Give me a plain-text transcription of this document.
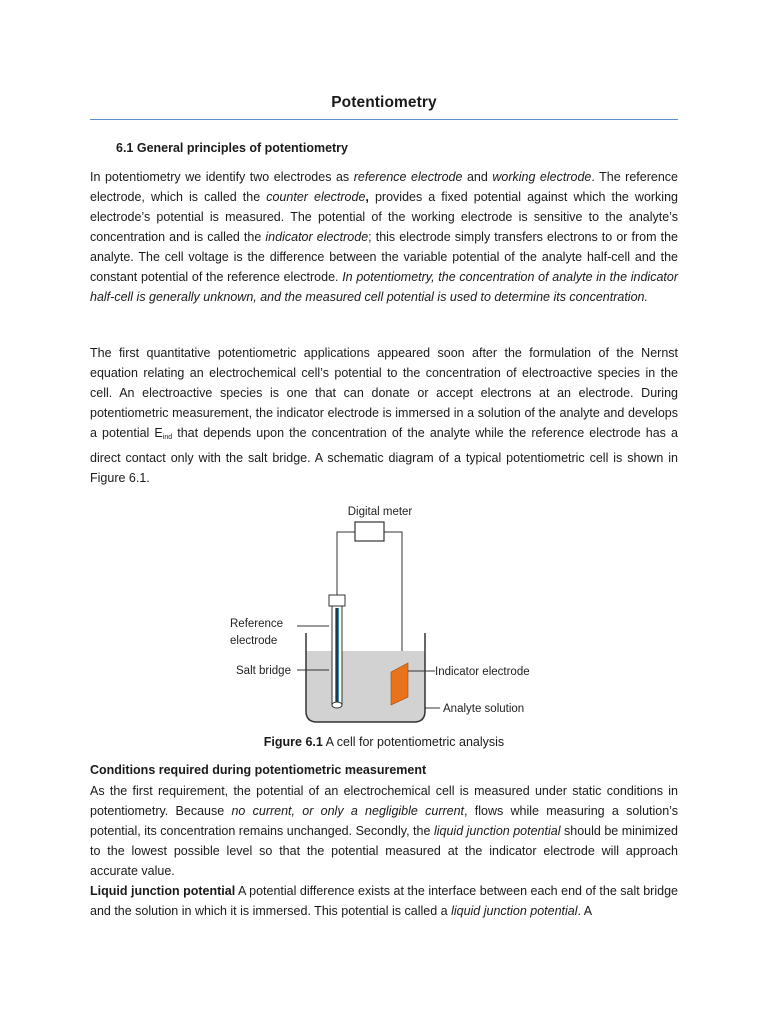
Potentiometry
6.1 General principles of potentiometry

In potentiometry we identify two electrodes as reference electrode and working electrode. The reference electrode, which is called the counter electrode, provides a fixed potential against which the working electrode’s potential is measured. The potential of the working electrode is sensitive to the analyte’s concentration and is called the indicator electrode; this electrode simply transfers electrons to or from the analyte. The cell voltage is the difference between the variable potential of the analyte half-cell and the constant potential of the reference electrode. In potentiometry, the concentration of analyte in the indicator half-cell is generally unknown, and the measured cell potential is used to determine its concentration.

The first quantitative potentiometric applications appeared soon after the formulation of the Nernst equation relating an electrochemical cell’s potential to the concentration of electroactive species in the cell. An electroactive species is one that can donate or accept electrons at an electrode. During potentiometric measurement, the indicator electrode is immersed in a solution of the analyte and develops a potential $E_{ind}$ that depends upon the concentration of the analyte while the reference electrode has a direct contact only with the salt bridge. A schematic diagram of a typical potentiometric cell is shown in Figure 6.1.

Digital meter
Reference
electrode
Salt bridge	Indicator electrode
Analyte solution
Figure 6.1 A cell for potentiometric analysis
Conditions required during potentiometric measurement

As the first requirement, the potential of an electrochemical cell is measured under static conditions in potentiometry. Because no current, or only a negligible current, flows while measuring a solution’s potential, its concentration remains unchanged. Secondly, the liquid junction potential should be minimized to the lowest possible level so that the potential measured at the indicator electrode will approach accurate value.

Liquid junction potential A potential difference exists at the interface between each end of the salt bridge and the solution in which it is immersed. This potential is called a liquid junction potential. A
